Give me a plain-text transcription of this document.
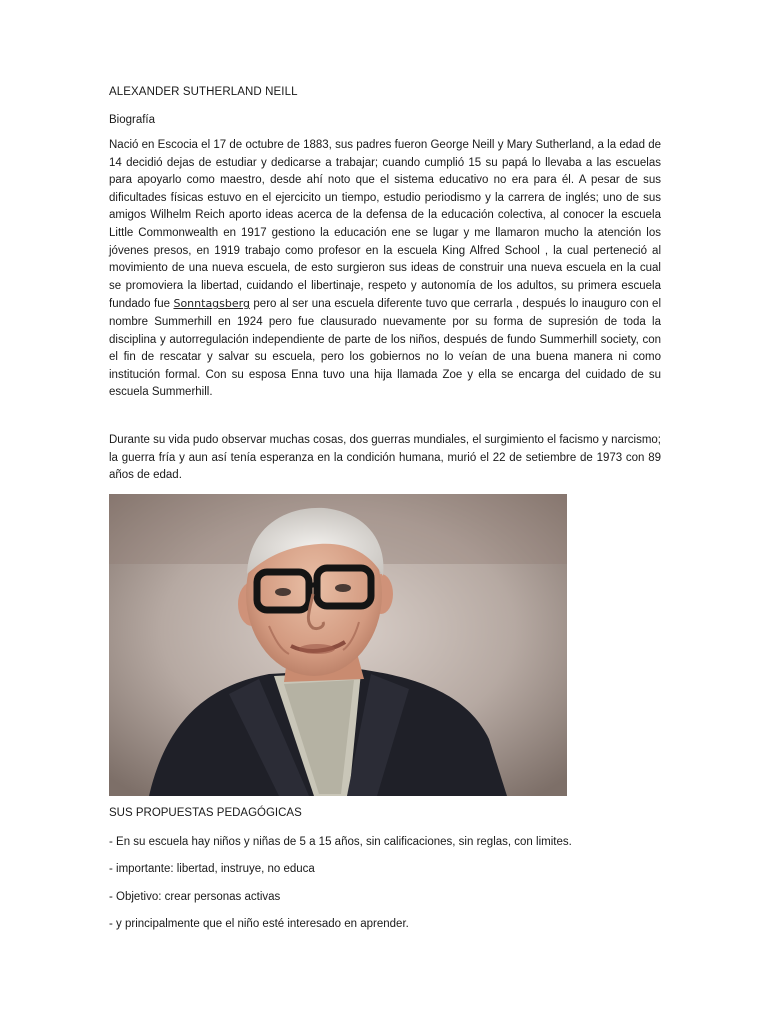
ALEXANDER SUTHERLAND NEILL
Biografía
Nació en Escocia el 17 de octubre de 1883, sus padres fueron George Neill y Mary Sutherland, a la edad de 14 decidió dejas de estudiar y dedicarse a trabajar; cuando cumplió 15 su papá lo llevaba a las escuelas para apoyarlo como maestro, desde ahí noto que el sistema educativo no era para él. A pesar de sus dificultades físicas estuvo en el ejercicito un tiempo, estudio periodismo y la carrera de inglés; uno de sus amigos Wilhelm Reich aporto ideas acerca de la defensa de la educación colectiva, al conocer la escuela Little Commonwealth en 1917 gestiono la educación ene se lugar y me llamaron mucho la atención los jóvenes presos, en 1919 trabajo como profesor en la escuela King Alfred School , la cual perteneció al movimiento de una nueva escuela, de esto surgieron sus ideas de construir una nueva escuela en la cual se promoviera la libertad, cuidando el libertinaje, respeto y autonomía de los adultos, su primera escuela fundado fue Sonntagsberg pero al ser una escuela diferente tuvo que cerrarla , después lo inauguro con el nombre Summerhill en 1924 pero fue clausurado nuevamente por su forma de supresión de toda la disciplina y autorregulación independiente de parte de los niños, después de fundo Summerhill society, con el fin de rescatar y salvar su escuela, pero los gobiernos no lo veían de una buena manera ni como institución formal. Con su esposa Enna tuvo una hija llamada Zoe y ella se encarga del cuidado de su escuela Summerhill.
Durante su vida pudo observar muchas cosas, dos guerras mundiales, el surgimiento el facismo y narcismo; la guerra fría y aun así tenía esperanza en la condición humana, murió el 22 de setiembre de 1973 con 89 años de edad.
SUS PROPUESTAS PEDAGÓGICAS
- En su escuela hay niños y niñas de 5 a 15 años, sin calificaciones, sin reglas, con limites.
- importante: libertad, instruye, no educa
- Objetivo: crear personas activas
- y principalmente que el niño esté interesado en aprender.
